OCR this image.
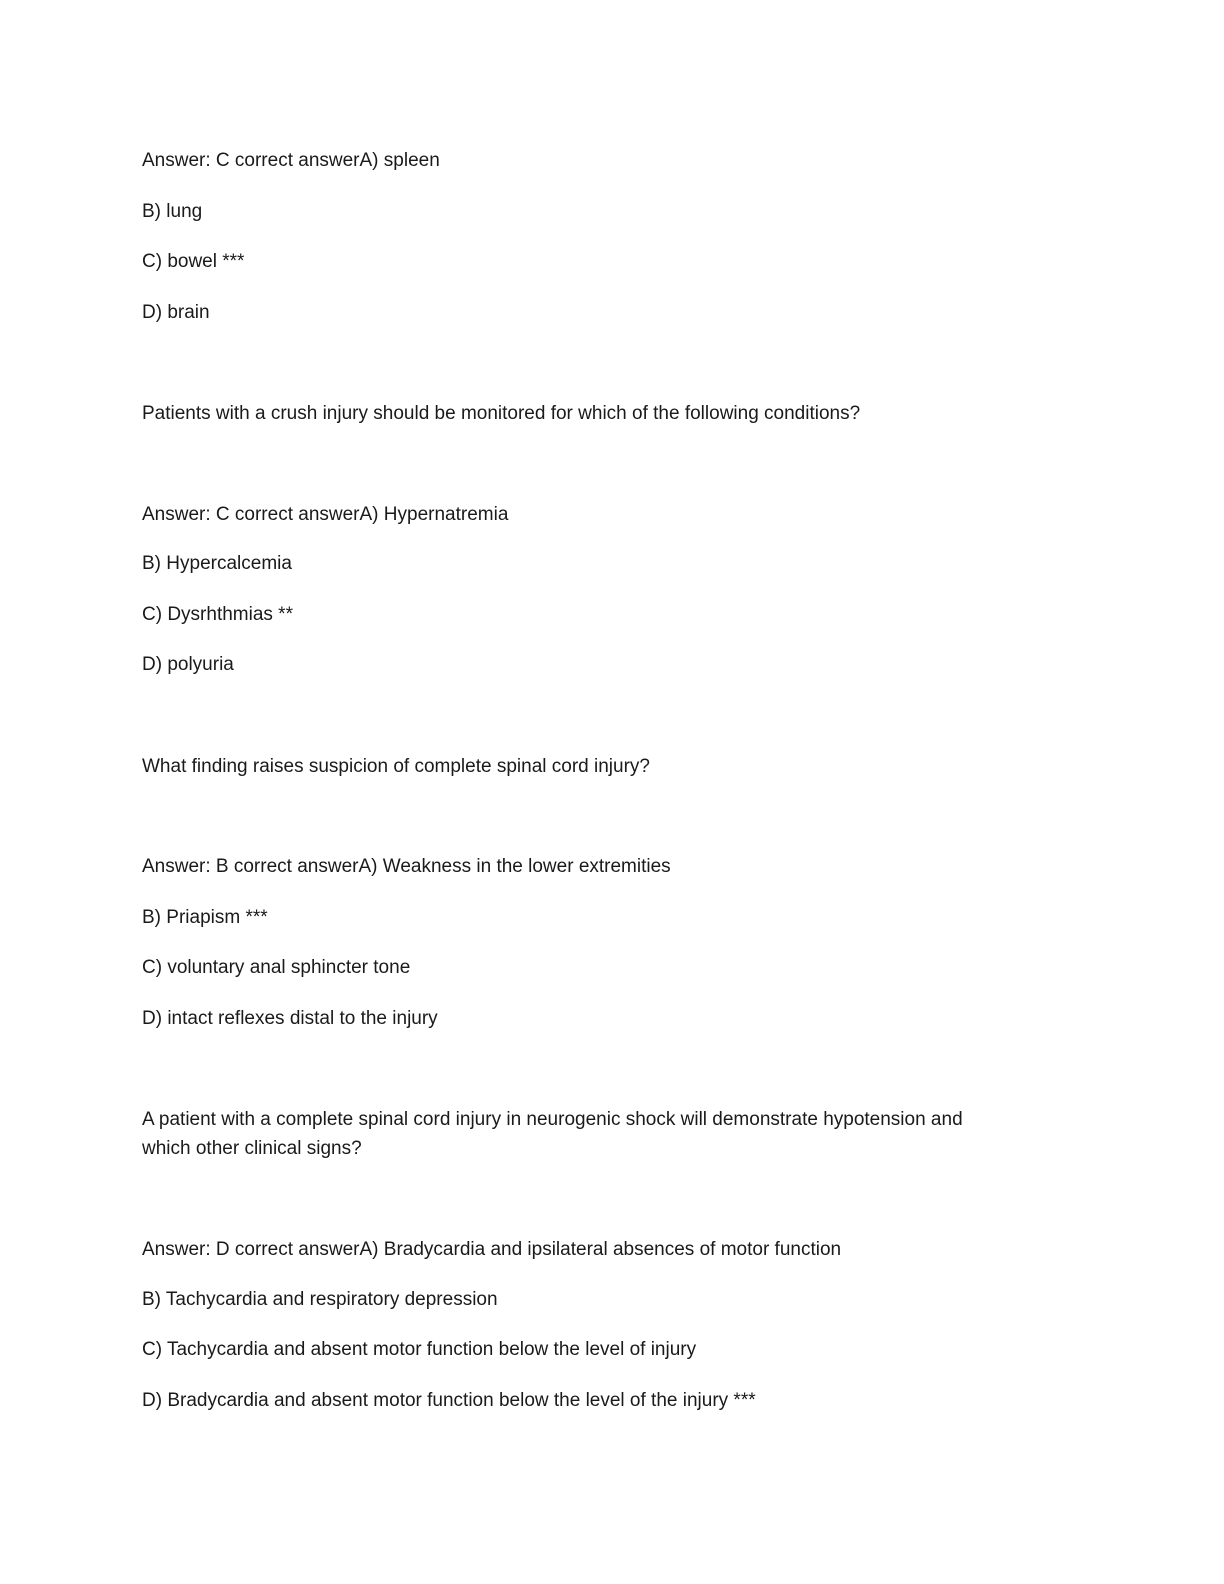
Answer: C correct answerA) spleen
B) lung
C) bowel ***
D) brain
Patients with a crush injury should be monitored for which of the following conditions?
Answer: C correct answerA) Hypernatremia
B) Hypercalcemia
C) Dysrhthmias **
D) polyuria
What finding raises suspicion of complete spinal cord injury?
Answer: B correct answerA) Weakness in the lower extremities
B) Priapism ***
C) voluntary anal sphincter tone
D) intact reflexes distal to the injury
A patient with a complete spinal cord injury in neurogenic shock will demonstrate hypotension and
which other clinical signs?
Answer: D correct answerA) Bradycardia and ipsilateral absences of motor function
B) Tachycardia and respiratory depression
C) Tachycardia and absent motor function below the level of injury
D) Bradycardia and absent motor function below the level of the injury ***
